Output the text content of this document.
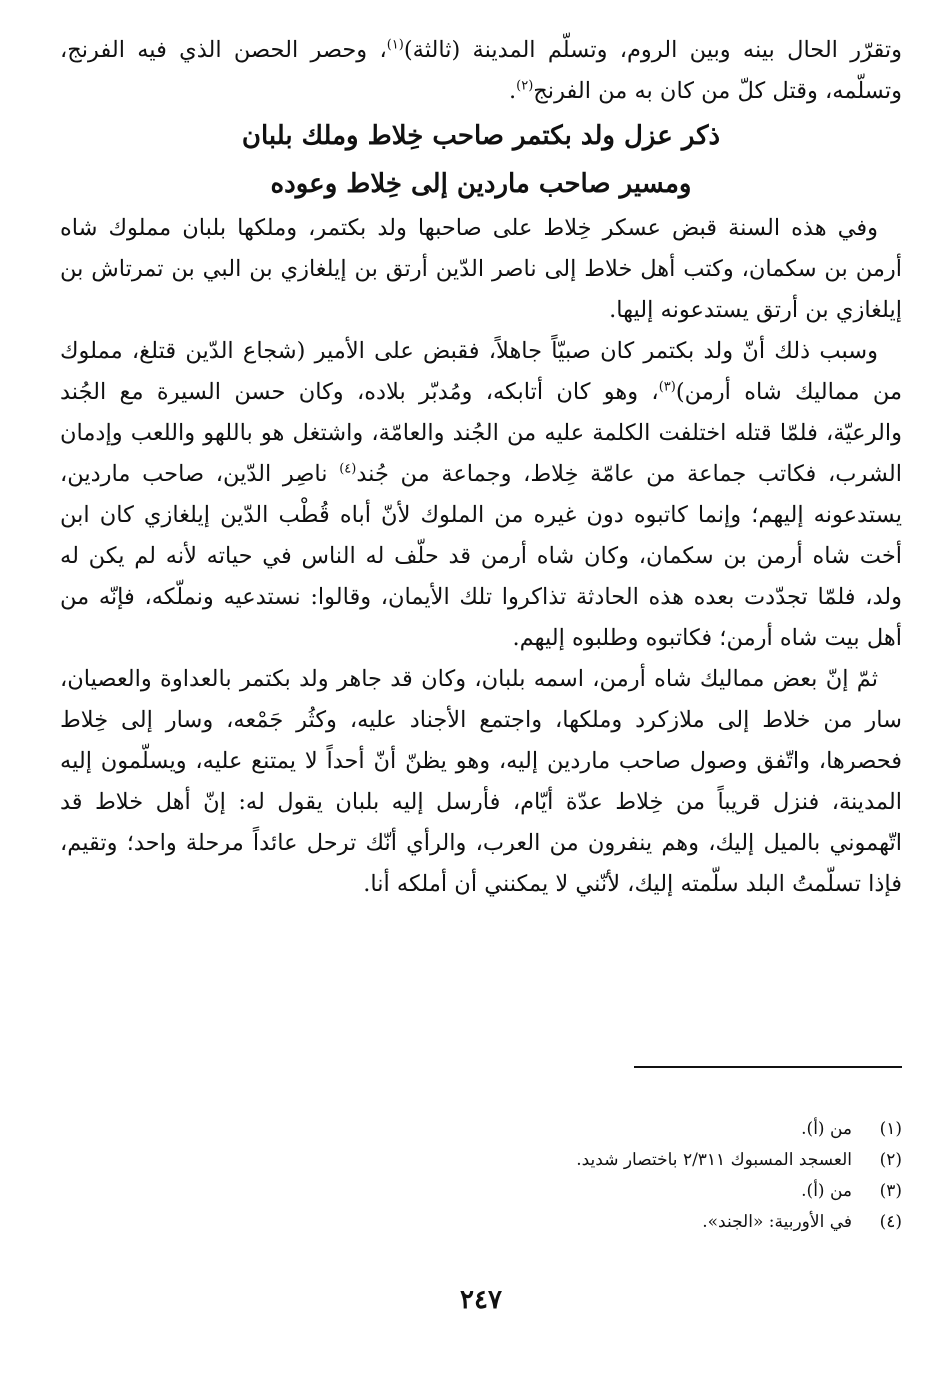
وتقرّر الحال بينه وبين الروم، وتسلّم المدينة (ثالثة)$^{(١)}$، وحصر الحصن الذي فيه الفرنج، وتسلّمه، وقتل كلّ من كان به من الفرنج$^{(٢)}$.

ذكر عزل ولد بكتمر صاحب خِلاط وملك بلبان
ومسير صاحب ماردين إلى خِلاط وعوده

وفي هذه السنة قبض عسكر خِلاط على صاحبها ولد بكتمر، وملكها بلبان مملوك شاه أرمن بن سكمان، وكتب أهل خلاط إلى ناصر الدّين أرتق بن إيلغازي بن البي بن تمرتاش بن إيلغازي بن أرتق يستدعونه إليها.

وسبب ذلك أنّ ولد بكتمر كان صبيّاً جاهلاً، فقبض على الأمير (شجاع الدّين قتلغ، مملوك من مماليك شاه أرمن)$^{(٣)}$، وهو كان أتابكه، ومُدبّر بلاده، وكان حسن السيرة مع الجُند والرعيّة، فلمّا قتله اختلفت الكلمة عليه من الجُند والعامّة، واشتغل هو باللهو واللعب وإدمان الشرب، فكاتب جماعة من عامّة خِلاط، وجماعة من جُند$^{(٤)}$ ناصِر الدّين، صاحب ماردين، يستدعونه إليهم؛ وإنما كاتبوه دون غيره من الملوك لأنّ أباه قُطْب الدّين إيلغازي كان ابن أخت شاه أرمن بن سكمان، وكان شاه أرمن قد حلّف له الناس في حياته لأنه لم يكن له ولد، فلمّا تجدّدت بعده هذه الحادثة تذاكروا تلك الأيمان، وقالوا: نستدعيه ونملّكه، فإنّه من أهل بيت شاه أرمن؛ فكاتبوه وطلبوه إليهم.

ثمّ إنّ بعض مماليك شاه أرمن، اسمه بلبان، وكان قد جاهر ولد بكتمر بالعداوة والعصيان، سار من خلاط إلى ملازكرد وملكها، واجتمع الأجناد عليه، وكثُر جَمْعه، وسار إلى خِلاط فحصرها، واتّفق وصول صاحب ماردين إليه، وهو يظنّ أنّ أحداً لا يمتنع عليه، ويسلّمون إليه المدينة، فنزل قريباً من خِلاط عدّة أيّام، فأرسل إليه بلبان يقول له: إنّ أهل خلاط قد اتّهموني بالميل إليك، وهم ينفرون من العرب، والرأي أنّك ترحل عائداً مرحلة واحد؛ وتقيم، فإذا تسلّمتُ البلد سلّمته إليك، لأنّني لا يمكنني أن أملكه أنا.

(١)من (أ).
(٢)العسجد المسبوك ٢/٣١١ باختصار شديد.
(٣)من (أ).
(٤)في الأوربية: «الجند».
٢٤٧
